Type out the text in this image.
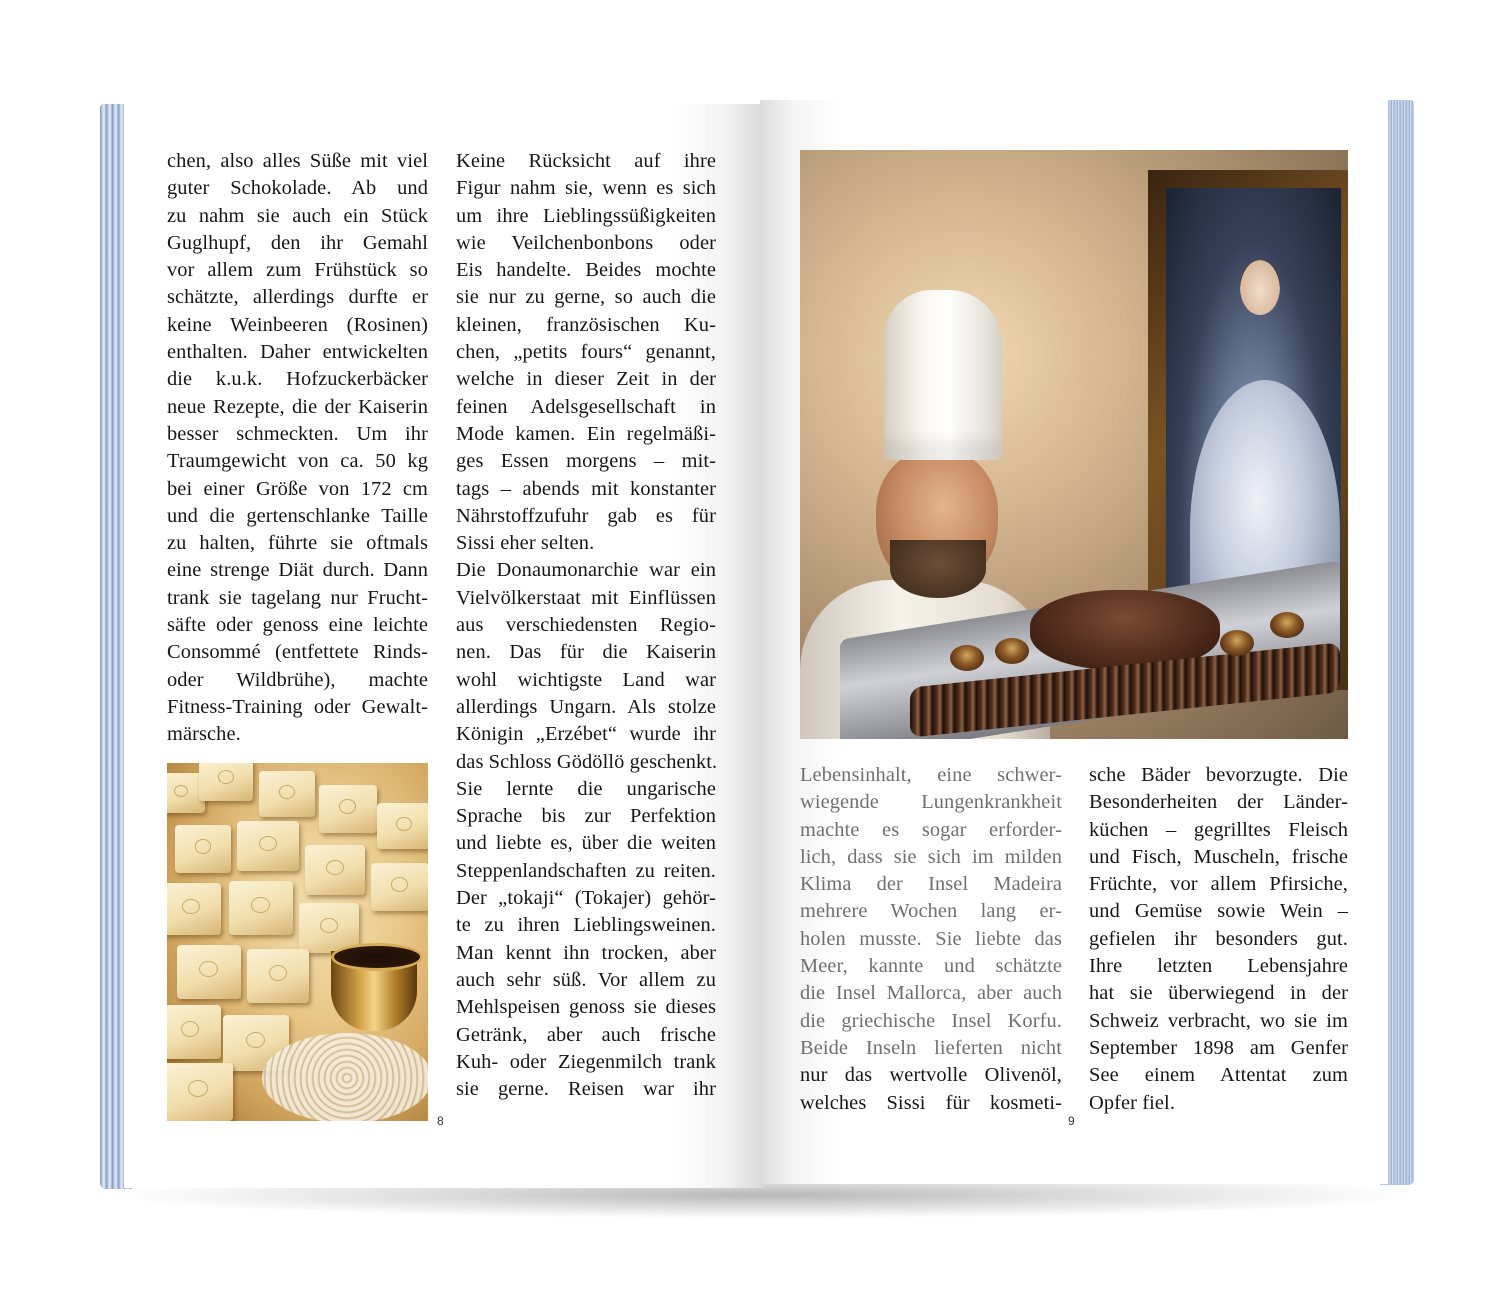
chen, also alles Süße mit viel
guter Schokolade. Ab und
zu nahm sie auch ein Stück
Guglhupf, den ihr Gemahl
vor allem zum Frühstück so
schätzte, allerdings durfte er
keine Weinbeeren (Rosinen)
enthalten. Daher entwickelten
die k.u.k. Hofzuckerbäcker
neue Rezepte, die der Kaiserin
besser schmeckten. Um ihr
Traumgewicht von ca. 50 kg
bei einer Größe von 172 cm
und die gertenschlanke Taille
zu halten, führte sie oftmals
eine strenge Diät durch. Dann
trank sie tagelang nur Frucht-
säfte oder genoss eine leichte
Consommé (entfettete Rinds-
oder Wildbrühe), machte
Fitness-Training oder Gewalt-
märsche.
Keine Rücksicht auf ihre
Figur nahm sie, wenn es sich
um ihre Lieblingssüßigkeiten
wie Veilchenbonbons oder
Eis handelte. Beides mochte
sie nur zu gerne, so auch die
kleinen, französischen Ku-
chen, „petits fours“ genannt,
welche in dieser Zeit in der
feinen Adelsgesellschaft in
Mode kamen. Ein regelmäßi-
ges Essen morgens – mit-
tags – abends mit konstanter
Nährstoffzufuhr gab es für
Sissi eher selten.
Die Donaumonarchie war ein
Vielvölkerstaat mit Einflüssen
aus verschiedensten Regio-
nen. Das für die Kaiserin
wohl wichtigste Land war
allerdings Ungarn. Als stolze
Königin „Erzébet“ wurde ihr
das Schloss Gödöllö geschenkt.
Sie lernte die ungarische
Sprache bis zur Perfektion
und liebte es, über die weiten
Steppenlandschaften zu reiten.
Der „tokaji“ (Tokajer) gehör-
te zu ihren Lieblingsweinen.
Man kennt ihn trocken, aber
auch sehr süß. Vor allem zu
Mehlspeisen genoss sie dieses
Getränk, aber auch frische
Kuh- oder Ziegenmilch trank
sie gerne. Reisen war ihr
8
Lebensinhalt, eine schwer-
wiegende Lungenkrankheit
machte es sogar erforder-
lich, dass sie sich im milden
Klima der Insel Madeira
mehrere Wochen lang er-
holen musste. Sie liebte das
Meer, kannte und schätzte
die Insel Mallorca, aber auch
die griechische Insel Korfu.
Beide Inseln lieferten nicht
nur das wertvolle Olivenöl,
welches Sissi für kosmeti-
sche Bäder bevorzugte. Die
Besonderheiten der Länder-
küchen – gegrilltes Fleisch
und Fisch, Muscheln, frische
Früchte, vor allem Pfirsiche,
und Gemüse sowie Wein –
gefielen ihr besonders gut.
Ihre letzten Lebensjahre
hat sie überwiegend in der
Schweiz verbracht, wo sie im
September 1898 am Genfer
See einem Attentat zum
Opfer fiel.
9
